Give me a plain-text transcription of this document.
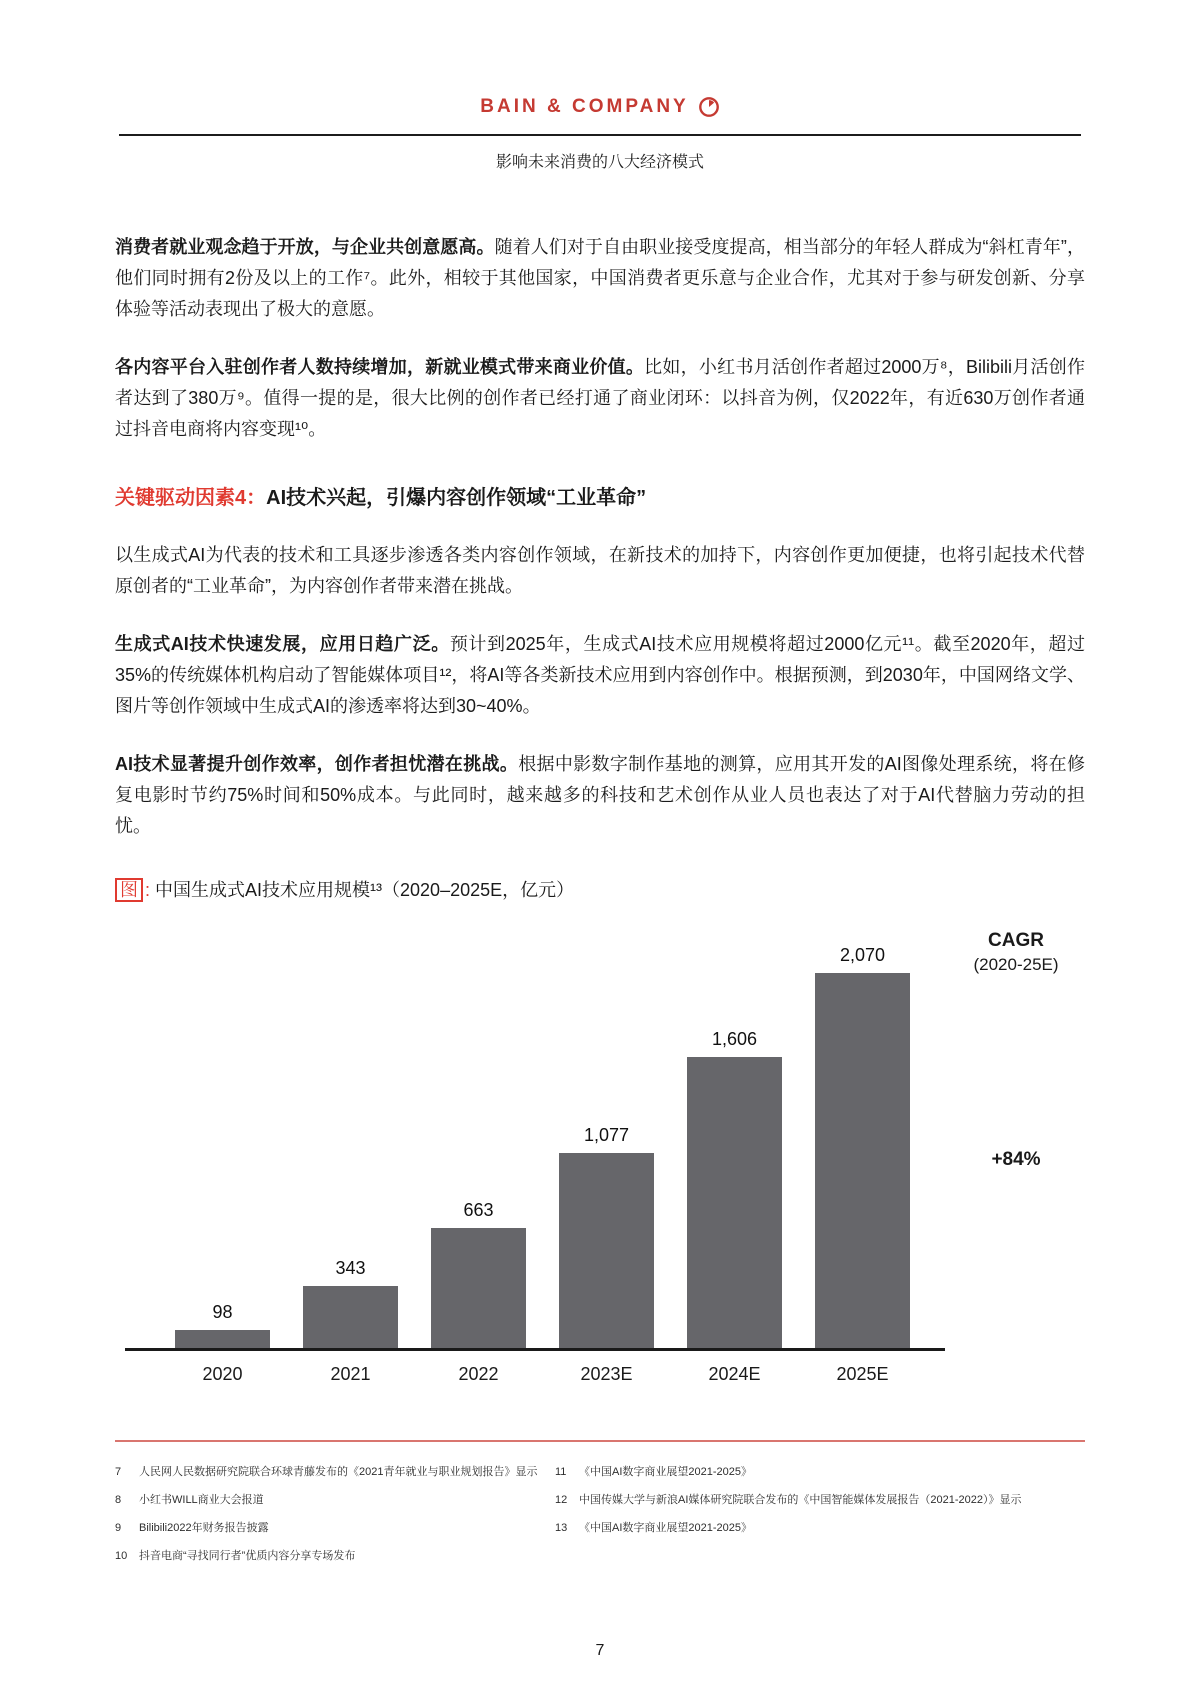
BAIN & COMPANY
影响未来消费的八大经济模式

消费者就业观念趋于开放，与企业共创意愿高。随着人们对于自由职业接受度提高，相当部分的年轻人群成为“斜杠青年”，他们同时拥有2份及以上的工作⁷。此外，相较于其他国家，中国消费者更乐意与企业合作，尤其对于参与研发创新、分享体验等活动表现出了极大的意愿。

各内容平台入驻创作者人数持续增加，新就业模式带来商业价值。比如，小红书月活创作者超过2000万⁸，Bilibili月活创作者达到了380万⁹。值得一提的是，很大比例的创作者已经打通了商业闭环：以抖音为例，仅2022年，有近630万创作者通过抖音电商将内容变现¹⁰。

关键驱动因素4：AI技术兴起，引爆内容创作领域“工业革命”

以生成式AI为代表的技术和工具逐步渗透各类内容创作领域，在新技术的加持下，内容创作更加便捷，也将引起技术代替原创者的“工业革命”，为内容创作者带来潜在挑战。

生成式AI技术快速发展，应用日趋广泛。预计到2025年，生成式AI技术应用规模将超过2000亿元¹¹。截至2020年，超过35%的传统媒体机构启动了智能媒体项目¹²，将AI等各类新技术应用到内容创作中。根据预测，到2030年，中国网络文学、图片等创作领域中生成式AI的渗透率将达到30~40%。

AI技术显著提升创作效率，创作者担忧潜在挑战。根据中影数字制作基地的测算，应用其开发的AI图像处理系统，将在修复电影时节约75%时间和50%成本。与此同时，越来越多的科技和艺术创作从业人员也表达了对于AI代替脑力劳动的担忧。

图 : 中国生成式AI技术应用规模¹³（2020–2025E，亿元）
98
343
663
1,077
1,606
2,070
2020	2021	2022	2023E	2024E	2025E
CAGR
(2020-25E)
+84%
7	人民网人民数据研究院联合环球青藤发布的《2021青年就业与职业规划报告》显示
8	小红书WILL商业大会报道
9	Bilibili2022年财务报告披露
10	抖音电商“寻找同行者”优质内容分享专场发布
11	《中国AI数字商业展望2021-2025》
12	中国传媒大学与新浪AI媒体研究院联合发布的《中国智能媒体发展报告（2021-2022）》显示
13	《中国AI数字商业展望2021-2025》
7
